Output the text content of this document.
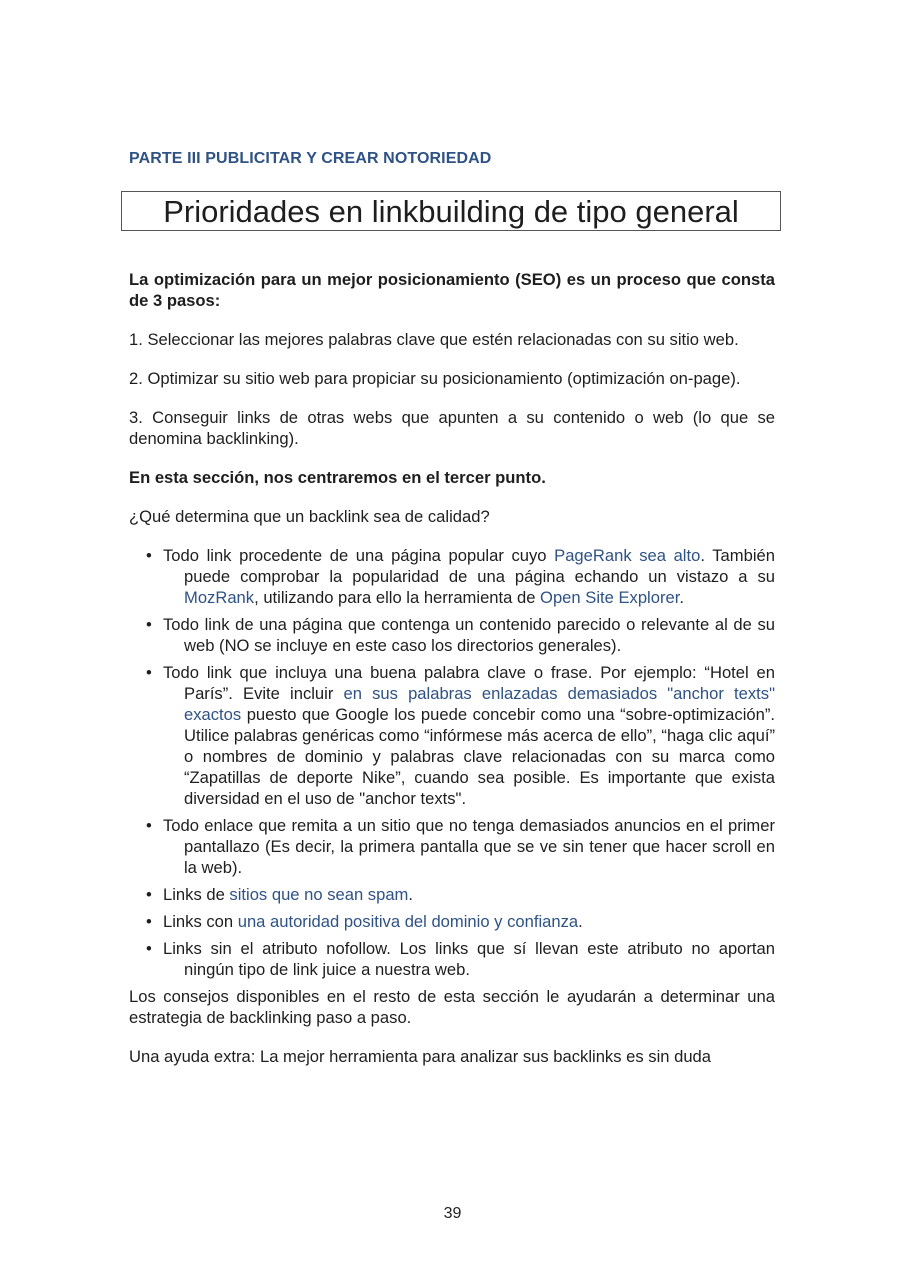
PARTE III PUBLICITAR Y CREAR NOTORIEDAD
Prioridades en linkbuilding de tipo general

La optimización para un mejor posicionamiento (SEO) es un proceso que consta de 3 pasos:

1. Seleccionar las mejores palabras clave que estén relacionadas con su sitio web.

2. Optimizar su sitio web para propiciar su posicionamiento (optimización on-page).

3. Conseguir links de otras webs que apunten a su contenido o web (lo que se denomina backlinking).

En esta sección, nos centraremos en el tercer punto.

¿Qué determina que un backlink sea de calidad?

• Todo link procedente de una página popular cuyo PageRank sea alto. También puede comprobar la popularidad de una página echando un vistazo a su MozRank, utilizando para ello la herramienta de Open Site Explorer.
• Todo link de una página que contenga un contenido parecido o relevante al de su web (NO se incluye en este caso los directorios generales).
• Todo link que incluya una buena palabra clave o frase. Por ejemplo: “Hotel en París”. Evite incluir en sus palabras enlazadas demasiados "anchor texts" exactos puesto que Google los puede concebir como una “sobre-optimización”. Utilice palabras genéricas como “infórmese más acerca de ello”, “haga clic aquí” o nombres de dominio y palabras clave relacionadas con su marca como “Zapatillas de deporte Nike”, cuando sea posible. Es importante que exista diversidad en el uso de "anchor texts".
• Todo enlace que remita a un sitio que no tenga demasiados anuncios en el primer pantallazo (Es decir, la primera pantalla que se ve sin tener que hacer scroll en la web).
• Links de sitios que no sean spam.
• Links con una autoridad positiva del dominio y confianza.
• Links sin el atributo nofollow. Los links que sí llevan este atributo no aportan ningún tipo de link juice a nuestra web.

Los consejos disponibles en el resto de esta sección le ayudarán a determinar una estrategia de backlinking paso a paso.

Una ayuda extra: La mejor herramienta para analizar sus backlinks es sin duda

39
